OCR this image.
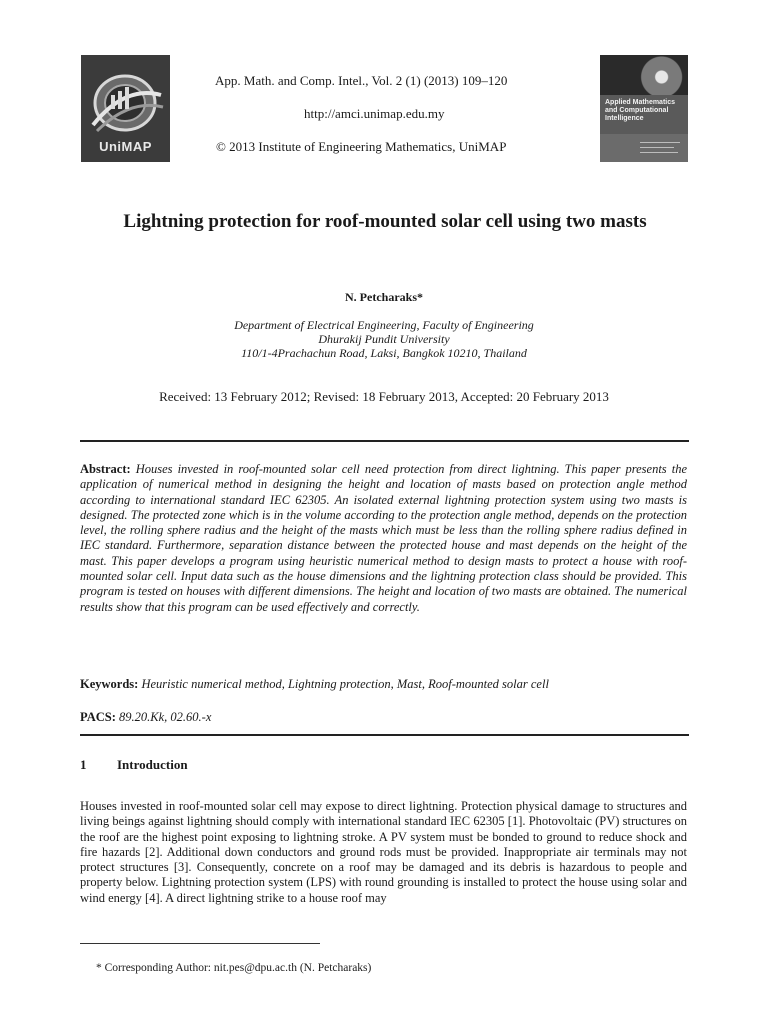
UniMAP
App. Math. and Comp. Intel., Vol. 2 (1) (2013) 109–120
http://amci.unimap.edu.my
© 2013 Institute of Engineering Mathematics, UniMAP
Applied Mathematics and Computational Intelligence
Lightning protection for roof-mounted solar cell using two masts
N. Petcharaks*
Department of Electrical Engineering, Faculty of Engineering
Dhurakij Pundit University
110/1-4Prachachun Road, Laksi, Bangkok 10210, Thailand
Received: 13 February 2012; Revised: 18 February 2013, Accepted: 20 February 2013
Abstract: Houses invested in roof-mounted solar cell need protection from direct lightning. This paper presents the application of numerical method in designing the height and location of masts based on protection angle method according to international standard IEC 62305. An isolated external lightning protection system using two masts is designed. The protected zone which is in the volume according to the protection angle method, depends on the protection level, the rolling sphere radius and the height of the masts which must be less than the rolling sphere radius defined in IEC standard. Furthermore, separation distance between the protected house and mast depends on the height of the mast. This paper develops a program using heuristic numerical method to design masts to protect a house with roof-mounted solar cell. Input data such as the house dimensions and the lightning protection class should be provided. This program is tested on houses with different dimensions. The height and location of two masts are obtained. The numerical results show that this program can be used effectively and correctly.
Keywords: Heuristic numerical method, Lightning protection, Mast, Roof-mounted solar cell
PACS: 89.20.Kk, 02.60.-x
1 Introduction
Houses invested in roof-mounted solar cell may expose to direct lightning. Protection physical damage to structures and living beings against lightning should comply with international standard IEC 62305 [1]. Photovoltaic (PV) structures on the roof are the highest point exposing to lightning stroke. A PV system must be bonded to ground to reduce shock and fire hazards [2]. Additional down conductors and ground rods must be provided. Inappropriate air terminals may not protect structures [3]. Consequently, concrete on a roof may be damaged and its debris is hazardous to people and property below. Lightning protection system (LPS) with round grounding is installed to protect the house using solar and wind energy [4]. A direct lightning strike to a house roof may
* Corresponding Author: nit.pes@dpu.ac.th (N. Petcharaks)
